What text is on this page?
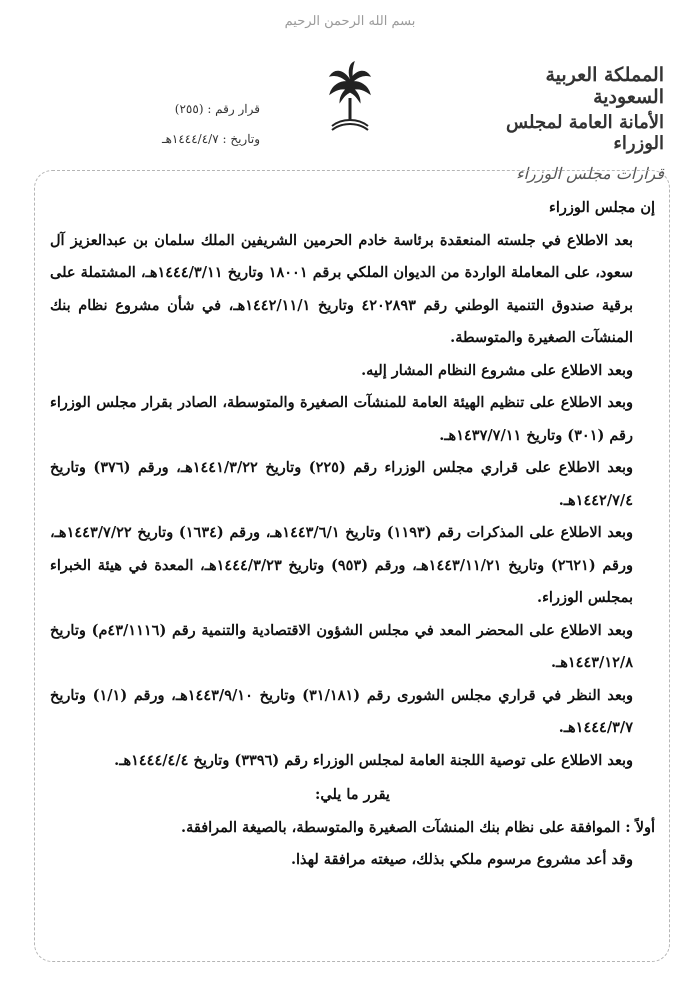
بسم الله الرحمن الرحيم
المملكة العربية السعودية
الأمانة العامة لمجلس الوزراء
قرارات مجلس الوزراء
قرار رقم : (٢٥٥)
وتاريخ : ١٤٤٤/٤/٧هـ

إن مجلس الوزراء

بعد الاطلاع في جلسته المنعقدة برئاسة خادم الحرمين الشريفين الملك سلمان بن عبدالعزيز آل سعود، على المعاملة الواردة من الديوان الملكي برقم ١٨٠٠١ وتاريخ ١٤٤٤/٣/١١هـ، المشتملة على برقية صندوق التنمية الوطني رقم ٤٢٠٢٨٩٣ وتاريخ ١٤٤٢/١١/١هـ، في شأن مشروع نظام بنك المنشآت الصغيرة والمتوسطة.

وبعد الاطلاع على مشروع النظام المشار إليه.

وبعد الاطلاع على تنظيم الهيئة العامة للمنشآت الصغيرة والمتوسطة، الصادر بقرار مجلس الوزراء رقم (٣٠١) وتاريخ ١٤٣٧/٧/١١هـ.

وبعد الاطلاع على قراري مجلس الوزراء رقم (٢٢٥) وتاريخ ١٤٤١/٣/٢٢هـ، ورقم (٣٧٦) وتاريخ ١٤٤٢/٧/٤هـ.

وبعد الاطلاع على المذكرات رقم (١١٩٣) وتاريخ ١٤٤٣/٦/١هـ، ورقم (١٦٣٤) وتاريخ ١٤٤٣/٧/٢٢هـ، ورقم (٢٦٢١) وتاريخ ١٤٤٣/١١/٢١هـ، ورقم (٩٥٣) وتاريخ ١٤٤٤/٣/٢٣هـ، المعدة في هيئة الخبراء بمجلس الوزراء.

وبعد الاطلاع على المحضر المعد في مجلس الشؤون الاقتصادية والتنمية رقم (٤٣/١١١٦م) وتاريخ ١٤٤٣/١٢/٨هـ.

وبعد النظر في قراري مجلس الشورى رقم (٣١/١٨١) وتاريخ ١٤٤٣/٩/١٠هـ، ورقم (١/١) وتاريخ ١٤٤٤/٣/٧هـ.

وبعد الاطلاع على توصية اللجنة العامة لمجلس الوزراء رقم (٣٣٩٦) وتاريخ ١٤٤٤/٤/٤هـ.

يقرر ما يلي:

أولاً : الموافقة على نظام بنك المنشآت الصغيرة والمتوسطة، بالصيغة المرافقة.

وقد أعد مشروع مرسوم ملكي بذلك، صيغته مرافقة لهذا.
